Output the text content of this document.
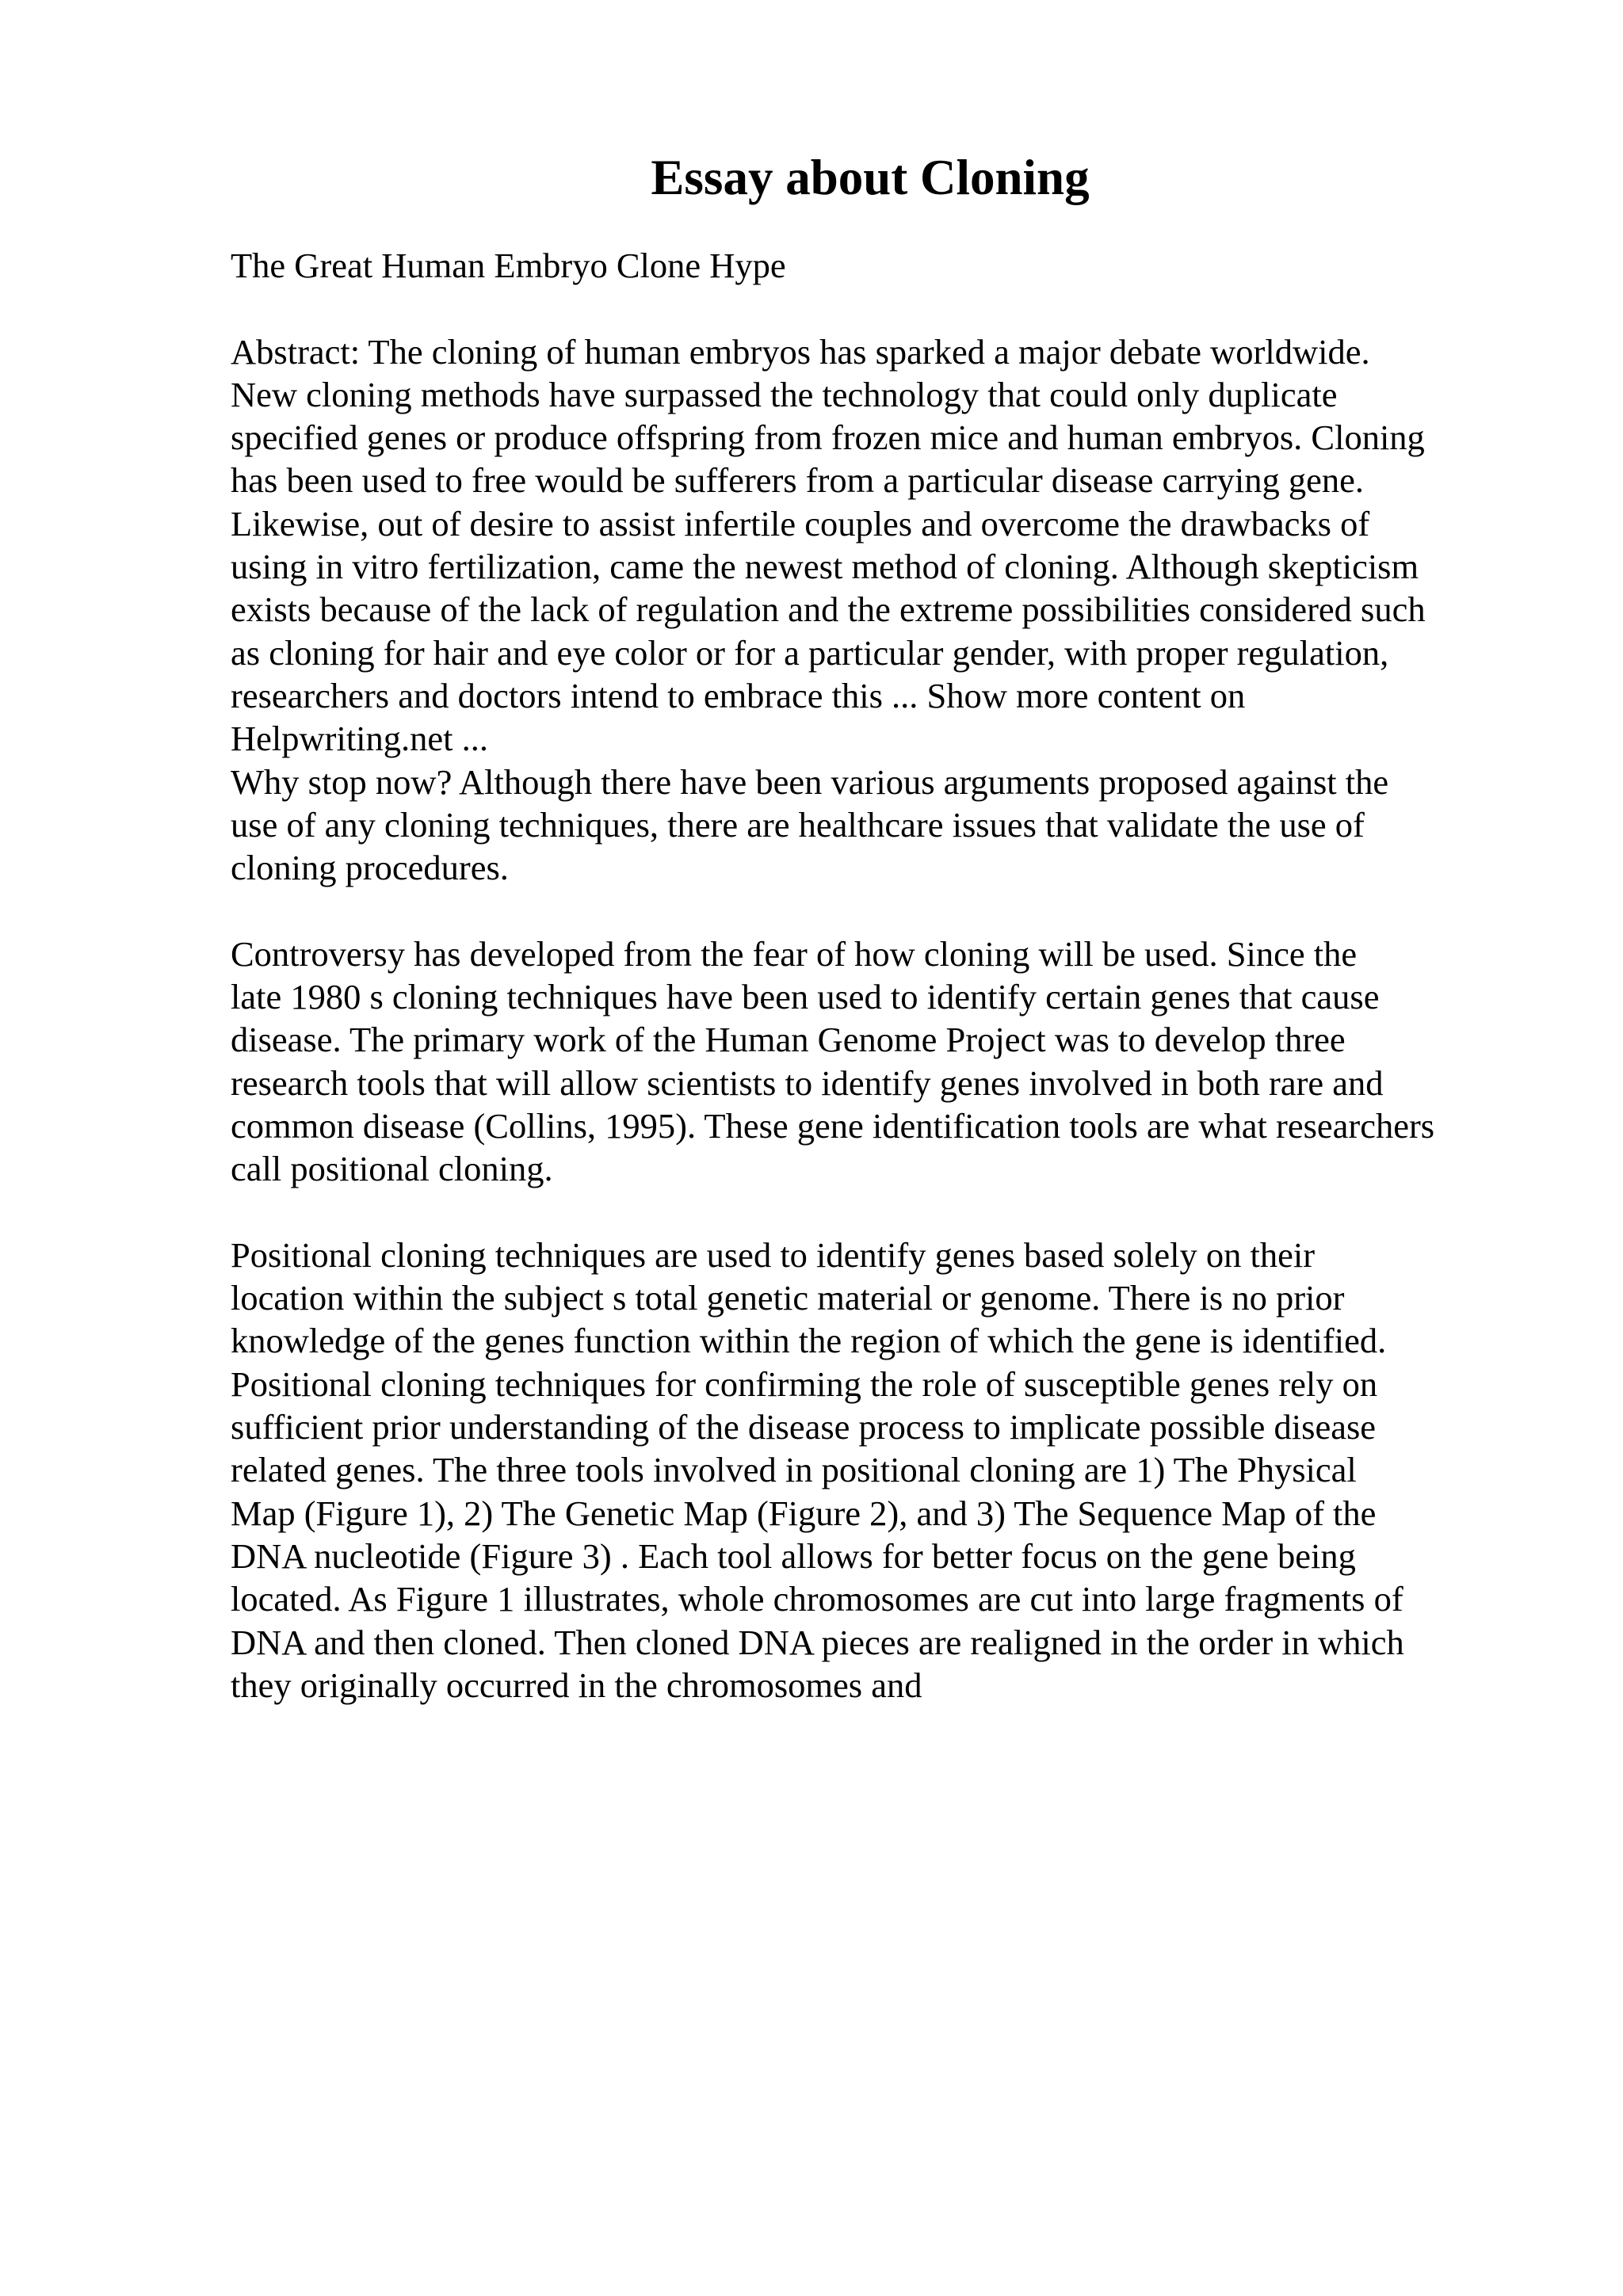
Essay about Cloning
The Great Human Embryo Clone Hype
Abstract: The cloning of human embryos has sparked a major debate worldwide.
New cloning methods have surpassed the technology that could only duplicate
specified genes or produce offspring from frozen mice and human embryos. Cloning
has been used to free would be sufferers from a particular disease carrying gene.
Likewise, out of desire to assist infertile couples and overcome the drawbacks of
using in vitro fertilization, came the newest method of cloning. Although skepticism
exists because of the lack of regulation and the extreme possibilities considered such
as cloning for hair and eye color or for a particular gender, with proper regulation,
researchers and doctors intend to embrace this ... Show more content on
Helpwriting.net ...
Why stop now? Although there have been various arguments proposed against the
use of any cloning techniques, there are healthcare issues that validate the use of
cloning procedures.
Controversy has developed from the fear of how cloning will be used. Since the
late 1980 s cloning techniques have been used to identify certain genes that cause
disease. The primary work of the Human Genome Project was to develop three
research tools that will allow scientists to identify genes involved in both rare and
common disease (Collins, 1995). These gene identification tools are what researchers
call positional cloning.
Positional cloning techniques are used to identify genes based solely on their
location within the subject s total genetic material or genome. There is no prior
knowledge of the genes function within the region of which the gene is identified.
Positional cloning techniques for confirming the role of susceptible genes rely on
sufficient prior understanding of the disease process to implicate possible disease
related genes. The three tools involved in positional cloning are 1) The Physical
Map (Figure 1), 2) The Genetic Map (Figure 2), and 3) The Sequence Map of the
DNA nucleotide (Figure 3) . Each tool allows for better focus on the gene being
located. As Figure 1 illustrates, whole chromosomes are cut into large fragments of
DNA and then cloned. Then cloned DNA pieces are realigned in the order in which
they originally occurred in the chromosomes and
